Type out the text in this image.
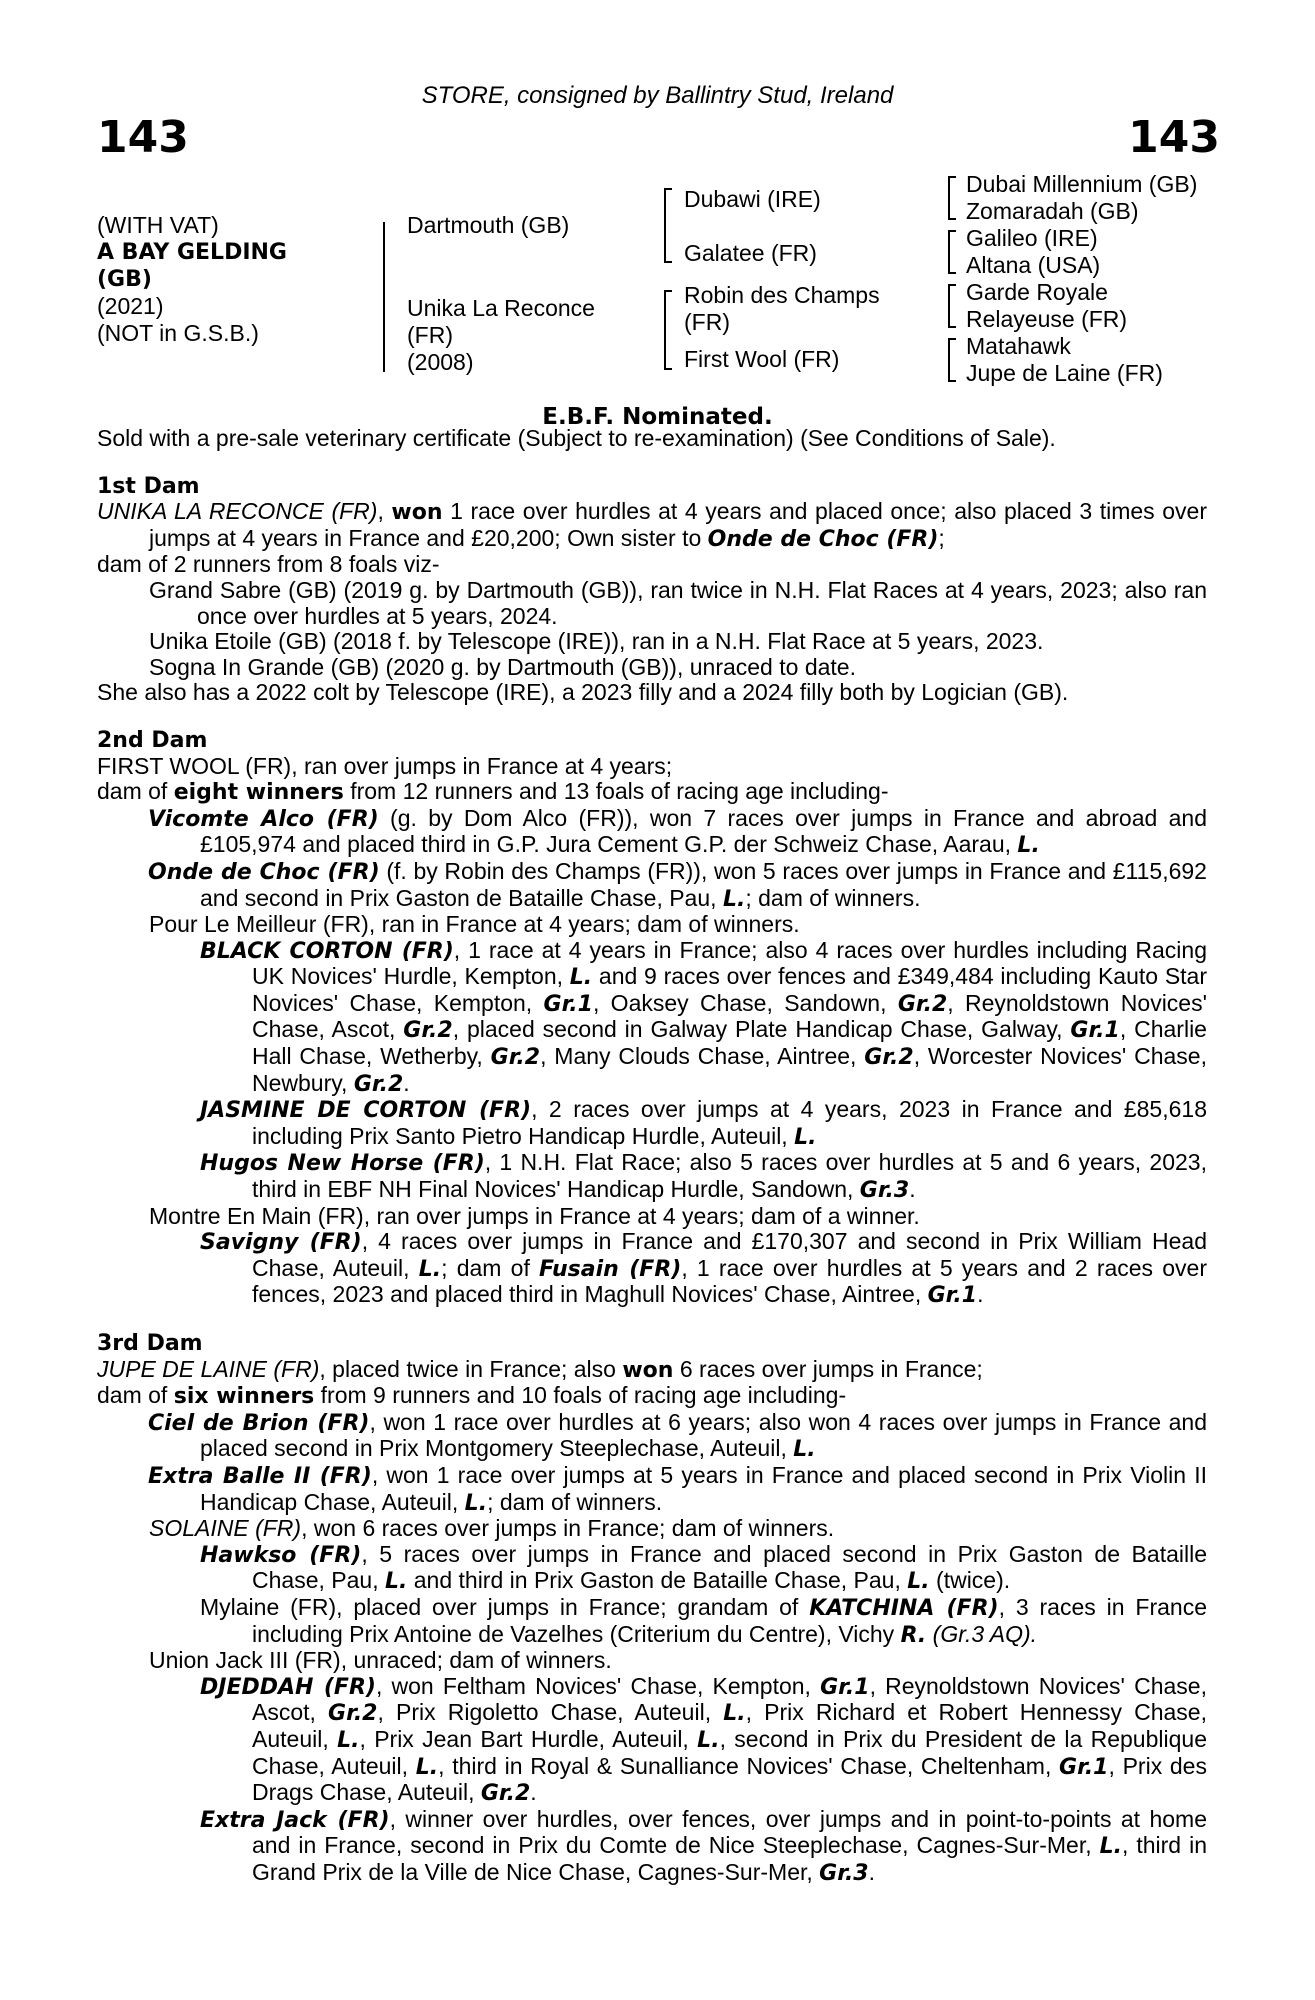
STORE, consigned by Ballintry Stud, Ireland
143	143
(WITH VAT)
A BAY GELDING
(GB)
(2021)
(NOT in G.S.B.)
Dartmouth (GB)
Unika La Reconce
(FR)
(2008)
Dubawi (IRE)
Galatee (FR)
Robin des Champs
(FR)
First Wool (FR)
Dubai Millennium (GB)
Zomaradah (GB)
Galileo (IRE)
Altana (USA)
Garde Royale
Relayeuse (FR)
Matahawk
Jupe de Laine (FR)
E.B.F. Nominated.

Sold with a pre-sale veterinary certificate (Subject to re-examination) (See Conditions of Sale).

1st Dam

UNIKA LA RECONCE (FR), won 1 race over hurdles at 4 years and placed once; also placed 3 times over jumps at 4 years in France and £20,200; Own sister to Onde de Choc (FR);

dam of 2 runners from 8 foals viz-

Grand Sabre (GB) (2019 g. by Dartmouth (GB)), ran twice in N.H. Flat Races at 4 years, 2023; also ran once over hurdles at 5 years, 2024.

Unika Etoile (GB) (2018 f. by Telescope (IRE)), ran in a N.H. Flat Race at 5 years, 2023.

Sogna In Grande (GB) (2020 g. by Dartmouth (GB)), unraced to date.

She also has a 2022 colt by Telescope (IRE), a 2023 filly and a 2024 filly both by Logician (GB).

2nd Dam

FIRST WOOL (FR), ran over jumps in France at 4 years;

dam of eight winners from 12 runners and 13 foals of racing age including-

Vicomte Alco (FR) (g. by Dom Alco (FR)), won 7 races over jumps in France and abroad and £105,974 and placed third in G.P. Jura Cement G.P. der Schweiz Chase, Aarau, L.

Onde de Choc (FR) (f. by Robin des Champs (FR)), won 5 races over jumps in France and £115,692 and second in Prix Gaston de Bataille Chase, Pau, L.; dam of winners.

Pour Le Meilleur (FR), ran in France at 4 years; dam of winners.

BLACK CORTON (FR), 1 race at 4 years in France; also 4 races over hurdles including Racing UK Novices' Hurdle, Kempton, L. and 9 races over fences and £349,484 including Kauto Star Novices' Chase, Kempton, Gr.1, Oaksey Chase, Sandown, Gr.2, Reynoldstown Novices' Chase, Ascot, Gr.2, placed second in Galway Plate Handicap Chase, Galway, Gr.1, Charlie Hall Chase, Wetherby, Gr.2, Many Clouds Chase, Aintree, Gr.2, Worcester Novices' Chase, Newbury, Gr.2.

JASMINE DE CORTON (FR), 2 races over jumps at 4 years, 2023 in France and £85,618 including Prix Santo Pietro Handicap Hurdle, Auteuil, L.

Hugos New Horse (FR), 1 N.H. Flat Race; also 5 races over hurdles at 5 and 6 years, 2023, third in EBF NH Final Novices' Handicap Hurdle, Sandown, Gr.3.

Montre En Main (FR), ran over jumps in France at 4 years; dam of a winner.

Savigny (FR), 4 races over jumps in France and £170,307 and second in Prix William Head Chase, Auteuil, L.; dam of Fusain (FR), 1 race over hurdles at 5 years and 2 races over fences, 2023 and placed third in Maghull Novices' Chase, Aintree, Gr.1.

3rd Dam

JUPE DE LAINE (FR), placed twice in France; also won 6 races over jumps in France;

dam of six winners from 9 runners and 10 foals of racing age including-

Ciel de Brion (FR), won 1 race over hurdles at 6 years; also won 4 races over jumps in France and placed second in Prix Montgomery Steeplechase, Auteuil, L.

Extra Balle II (FR), won 1 race over jumps at 5 years in France and placed second in Prix Violin II Handicap Chase, Auteuil, L.; dam of winners.

SOLAINE (FR), won 6 races over jumps in France; dam of winners.

Hawkso (FR), 5 races over jumps in France and placed second in Prix Gaston de Bataille Chase, Pau, L. and third in Prix Gaston de Bataille Chase, Pau, L. (twice).

Mylaine (FR), placed over jumps in France; grandam of KATCHINA (FR), 3 races in France including Prix Antoine de Vazelhes (Criterium du Centre), Vichy R. (Gr.3 AQ).

Union Jack III (FR), unraced; dam of winners.

DJEDDAH (FR), won Feltham Novices' Chase, Kempton, Gr.1, Reynoldstown Novices' Chase, Ascot, Gr.2, Prix Rigoletto Chase, Auteuil, L., Prix Richard et Robert Hennessy Chase, Auteuil, L., Prix Jean Bart Hurdle, Auteuil, L., second in Prix du President de la Republique Chase, Auteuil, L., third in Royal & Sunalliance Novices' Chase, Cheltenham, Gr.1, Prix des Drags Chase, Auteuil, Gr.2.

Extra Jack (FR), winner over hurdles, over fences, over jumps and in point-to-points at home and in France, second in Prix du Comte de Nice Steeplechase, Cagnes-Sur-Mer, L., third in Grand Prix de la Ville de Nice Chase, Cagnes-Sur-Mer, Gr.3.
